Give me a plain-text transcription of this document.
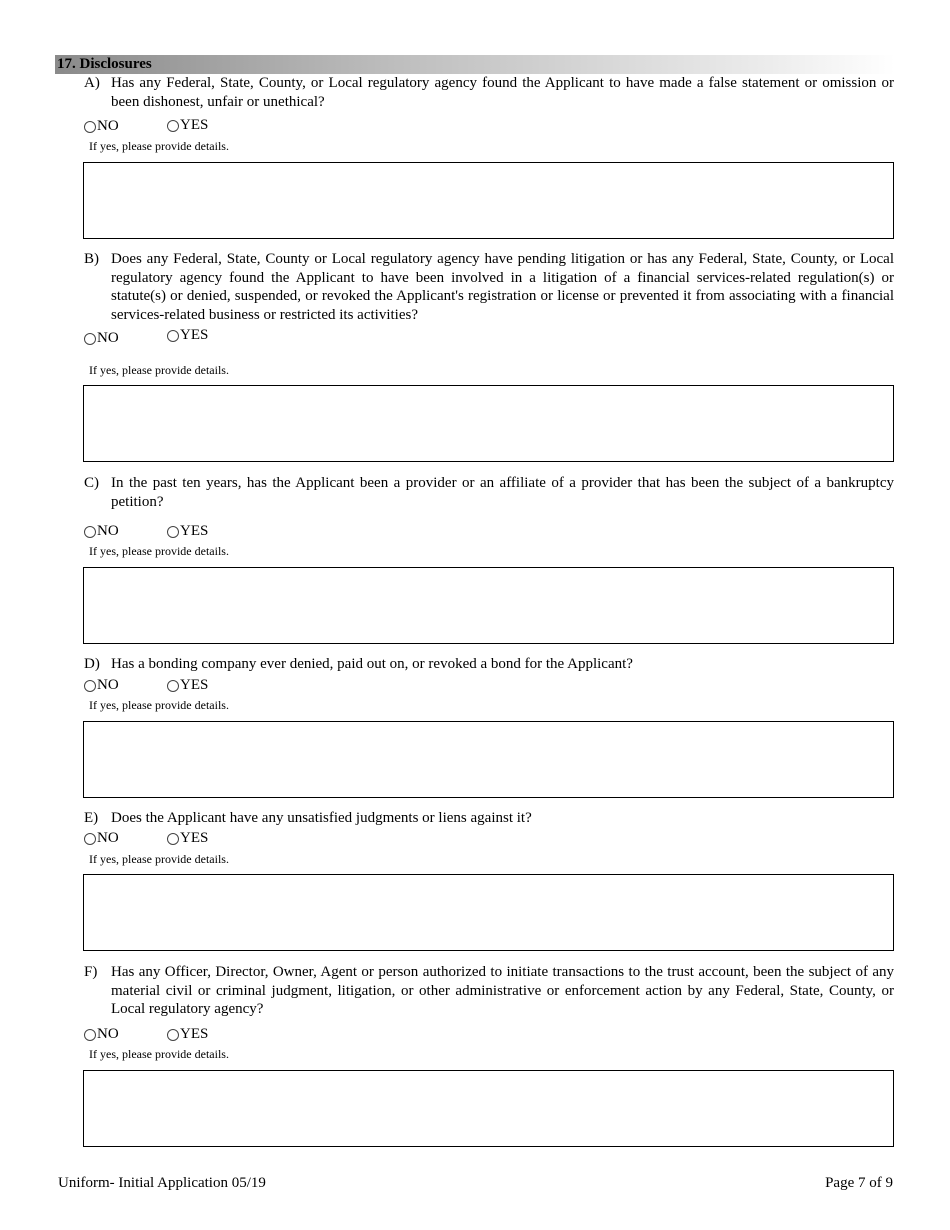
17. Disclosures
A) Has any Federal, State, County, or Local regulatory agency found the Applicant to have made a false statement or omission or been dishonest, unfair or unethical?
NO	YES
If yes, please provide details.
B) Does any Federal, State, County or Local regulatory agency have pending litigation or has any Federal, State, County, or Local regulatory agency found the Applicant to have been involved in a litigation of a financial services-related regulation(s) or statute(s) or denied, suspended, or revoked the Applicant's registration or license or prevented it from associating with a financial services-related business or restricted its activities?
NO	YES
If yes, please provide details.
C) In the past ten years, has the Applicant been a provider or an affiliate of a provider that has been the subject of a bankruptcy petition?
NO	YES
If yes, please provide details.
D) Has a bonding company ever denied, paid out on, or revoked a bond for the Applicant?
NO	YES
If yes, please provide details.
E) Does the Applicant have any unsatisfied judgments or liens against it?
NO	YES
If yes, please provide details.
F) Has any Officer, Director, Owner, Agent or person authorized to initiate transactions to the trust account, been the subject of any material civil or criminal judgment, litigation, or other administrative or enforcement action by any Federal, State, County, or Local regulatory agency?
NO	YES
If yes, please provide details.
Uniform- Initial Application 05/19	Page 7 of 9
